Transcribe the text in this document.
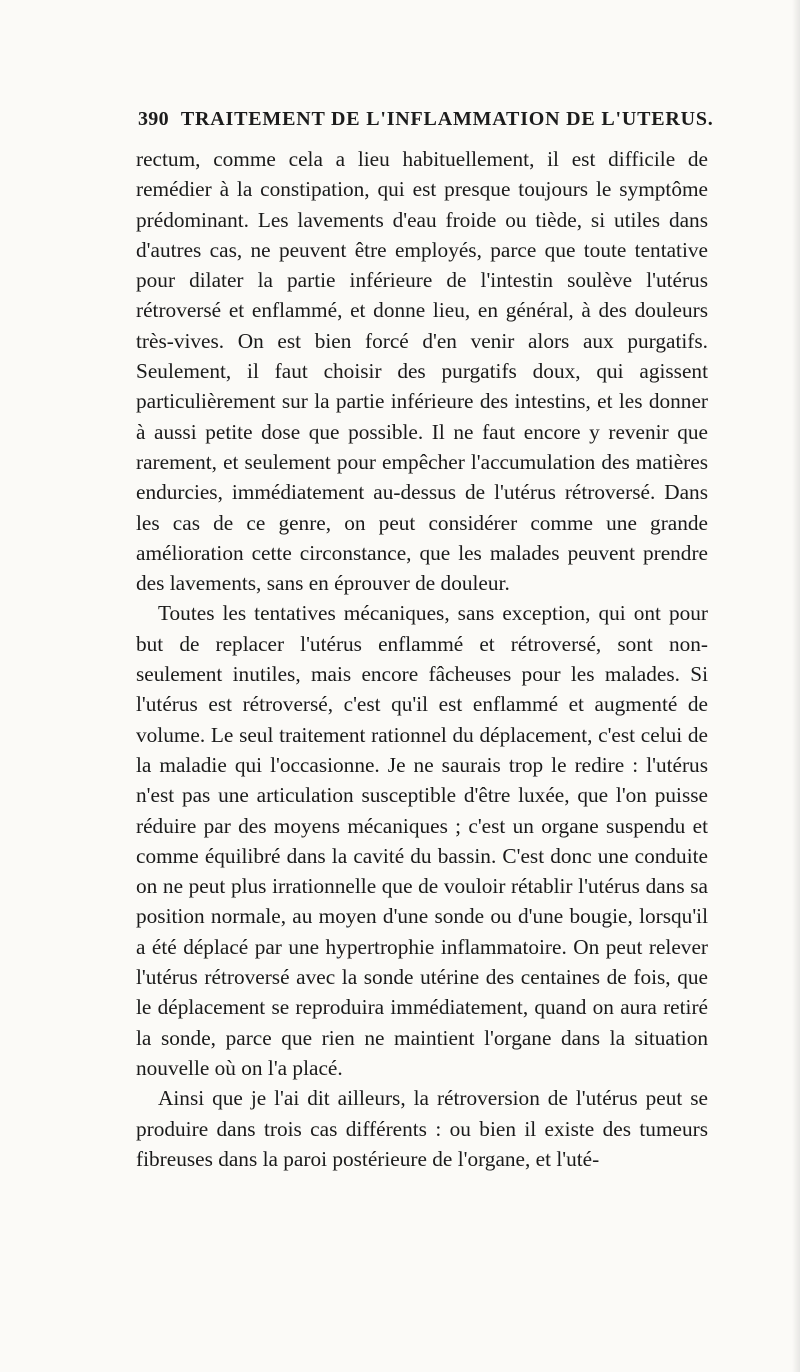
390 TRAITEMENT DE L'INFLAMMATION DE L'UTERUS.

rectum, comme cela a lieu habituellement, il est difficile de remédier à la constipation, qui est presque toujours le symptôme prédominant. Les lavements d'eau froide ou tiède, si utiles dans d'autres cas, ne peuvent être employés, parce que toute tentative pour dilater la partie inférieure de l'intestin soulève l'utérus rétroversé et enflammé, et donne lieu, en général, à des douleurs très-vives. On est bien forcé d'en venir alors aux purgatifs. Seulement, il faut choisir des purgatifs doux, qui agissent particulièrement sur la partie inférieure des intestins, et les donner à aussi petite dose que possible. Il ne faut encore y revenir que rarement, et seulement pour empêcher l'accumulation des matières endurcies, immédiatement au-dessus de l'utérus rétroversé. Dans les cas de ce genre, on peut considérer comme une grande amélioration cette circonstance, que les malades peuvent prendre des lavements, sans en éprouver de douleur.

Toutes les tentatives mécaniques, sans exception, qui ont pour but de replacer l'utérus enflammé et rétroversé, sont non-seulement inutiles, mais encore fâcheuses pour les malades. Si l'utérus est rétroversé, c'est qu'il est enflammé et augmenté de volume. Le seul traitement rationnel du déplacement, c'est celui de la maladie qui l'occasionne. Je ne saurais trop le redire : l'utérus n'est pas une articulation susceptible d'être luxée, que l'on puisse réduire par des moyens mécaniques ; c'est un organe suspendu et comme équilibré dans la cavité du bassin. C'est donc une conduite on ne peut plus irrationnelle que de vouloir rétablir l'utérus dans sa position normale, au moyen d'une sonde ou d'une bougie, lorsqu'il a été déplacé par une hypertrophie inflammatoire. On peut relever l'utérus rétroversé avec la sonde utérine des centaines de fois, que le déplacement se reproduira immédiatement, quand on aura retiré la sonde, parce que rien ne maintient l'organe dans la situation nouvelle où on l'a placé.

Ainsi que je l'ai dit ailleurs, la rétroversion de l'utérus peut se produire dans trois cas différents : ou bien il existe des tumeurs fibreuses dans la paroi postérieure de l'organe, et l'uté-
